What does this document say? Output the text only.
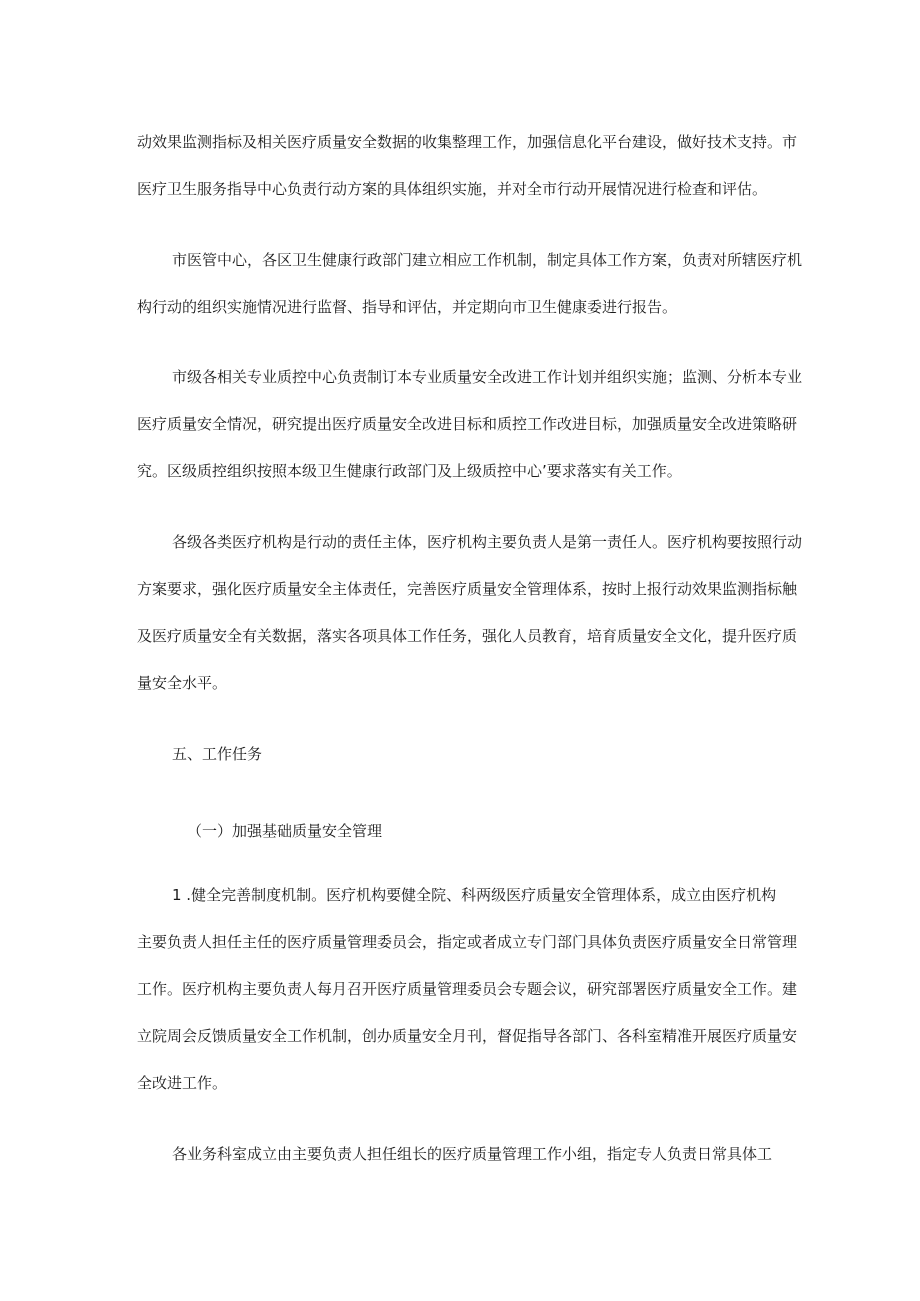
动效果监测指标及相关医疗质量安全数据的收集整理工作，加强信息化平台建设，做好技术支持。市
医疗卫生服务指导中心负责行动方案的具体组织实施，并对全市行动开展情况进行检查和评估。
市医管中心，各区卫生健康行政部门建立相应工作机制，制定具体工作方案，负责对所辖医疗机
构行动的组织实施情况进行监督、指导和评估，并定期向市卫生健康委进行报告。
市级各相关专业质控中心负责制订本专业质量安全改进工作计划并组织实施；监测、分析本专业
医疗质量安全情况，研究提出医疗质量安全改进目标和质控工作改进目标，加强质量安全改进策略研
究。区级质控组织按照本级卫生健康行政部门及上级质控中心’要求落实有关工作。
各级各类医疗机构是行动的责任主体，医疗机构主要负责人是第一责任人。医疗机构要按照行动
方案要求，强化医疗质量安全主体责任，完善医疗质量安全管理体系，按时上报行动效果监测指标触
及医疗质量安全有关数据，落实各项具体工作任务，强化人员教育，培育质量安全文化，提升医疗质
量安全水平。
五、工作任务
（一）加强基础质量安全管理
1 .健全完善制度机制。医疗机构要健全院、科两级医疗质量安全管理体系，成立由医疗机构
主要负责人担任主任的医疗质量管理委员会，指定或者成立专门部门具体负责医疗质量安全日常管理
工作。医疗机构主要负责人每月召开医疗质量管理委员会专题会议，研究部署医疗质量安全工作。建
立院周会反馈质量安全工作机制，创办质量安全月刊，督促指导各部门、各科室精准开展医疗质量安
全改进工作。
各业务科室成立由主要负责人担任组长的医疗质量管理工作小组，指定专人负责日常具体工
